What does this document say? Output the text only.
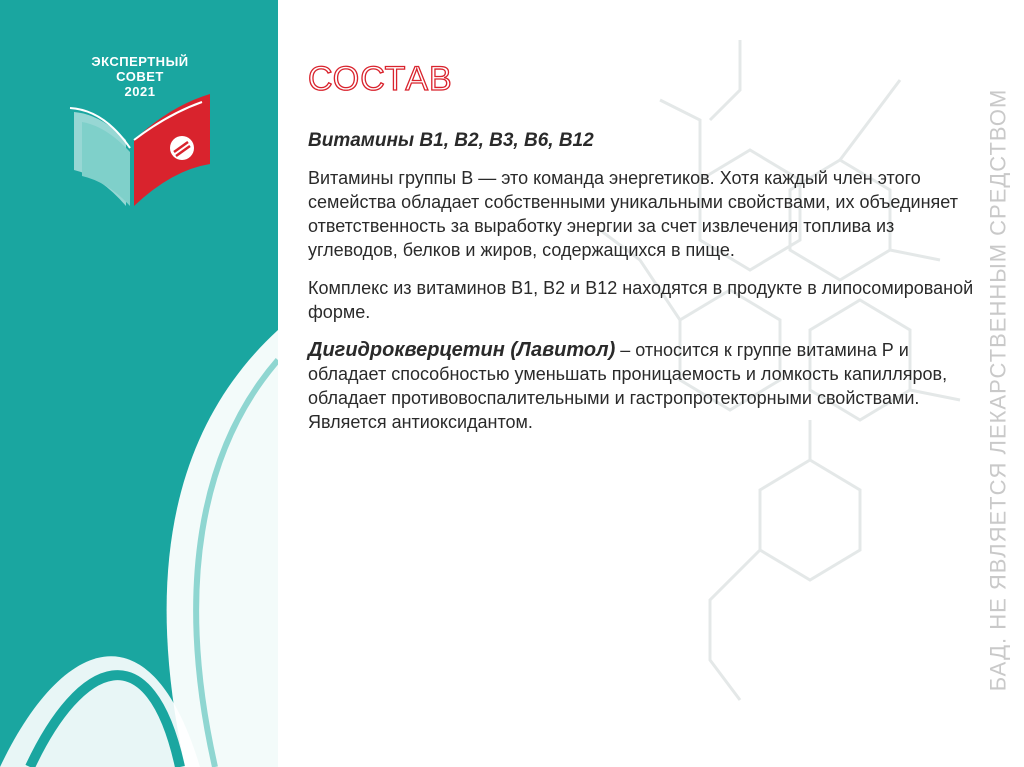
ЭКСПЕРТНЫЙ
СОВЕТ
2021	СОСТАВ

Витамины В1, В2, В3, В6, В12

Витамины группы В — это команда энергетиков. Хотя каждый член этого семейства обладает собственными уникальными свойствами, их объединяет ответственность за выработку энергии за счет извлечения топлива из углеводов, белков и жиров, содержащихся в пище.

Комплекс из витаминов В1, В2 и В12 находятся в продукте в липосомированой форме.

Дигидрокверцетин (Лавитол) – относится к группе витамина Р и обладает способностью уменьшать проницаемость и ломкость капилляров, обладает противовоспалительными и гастропротекторными свойствами. Является антиоксидантом.	БАД. НЕ ЯВЛЯЕТСЯ ЛЕКАРСТВЕННЫМ СРЕДСТВОМ
